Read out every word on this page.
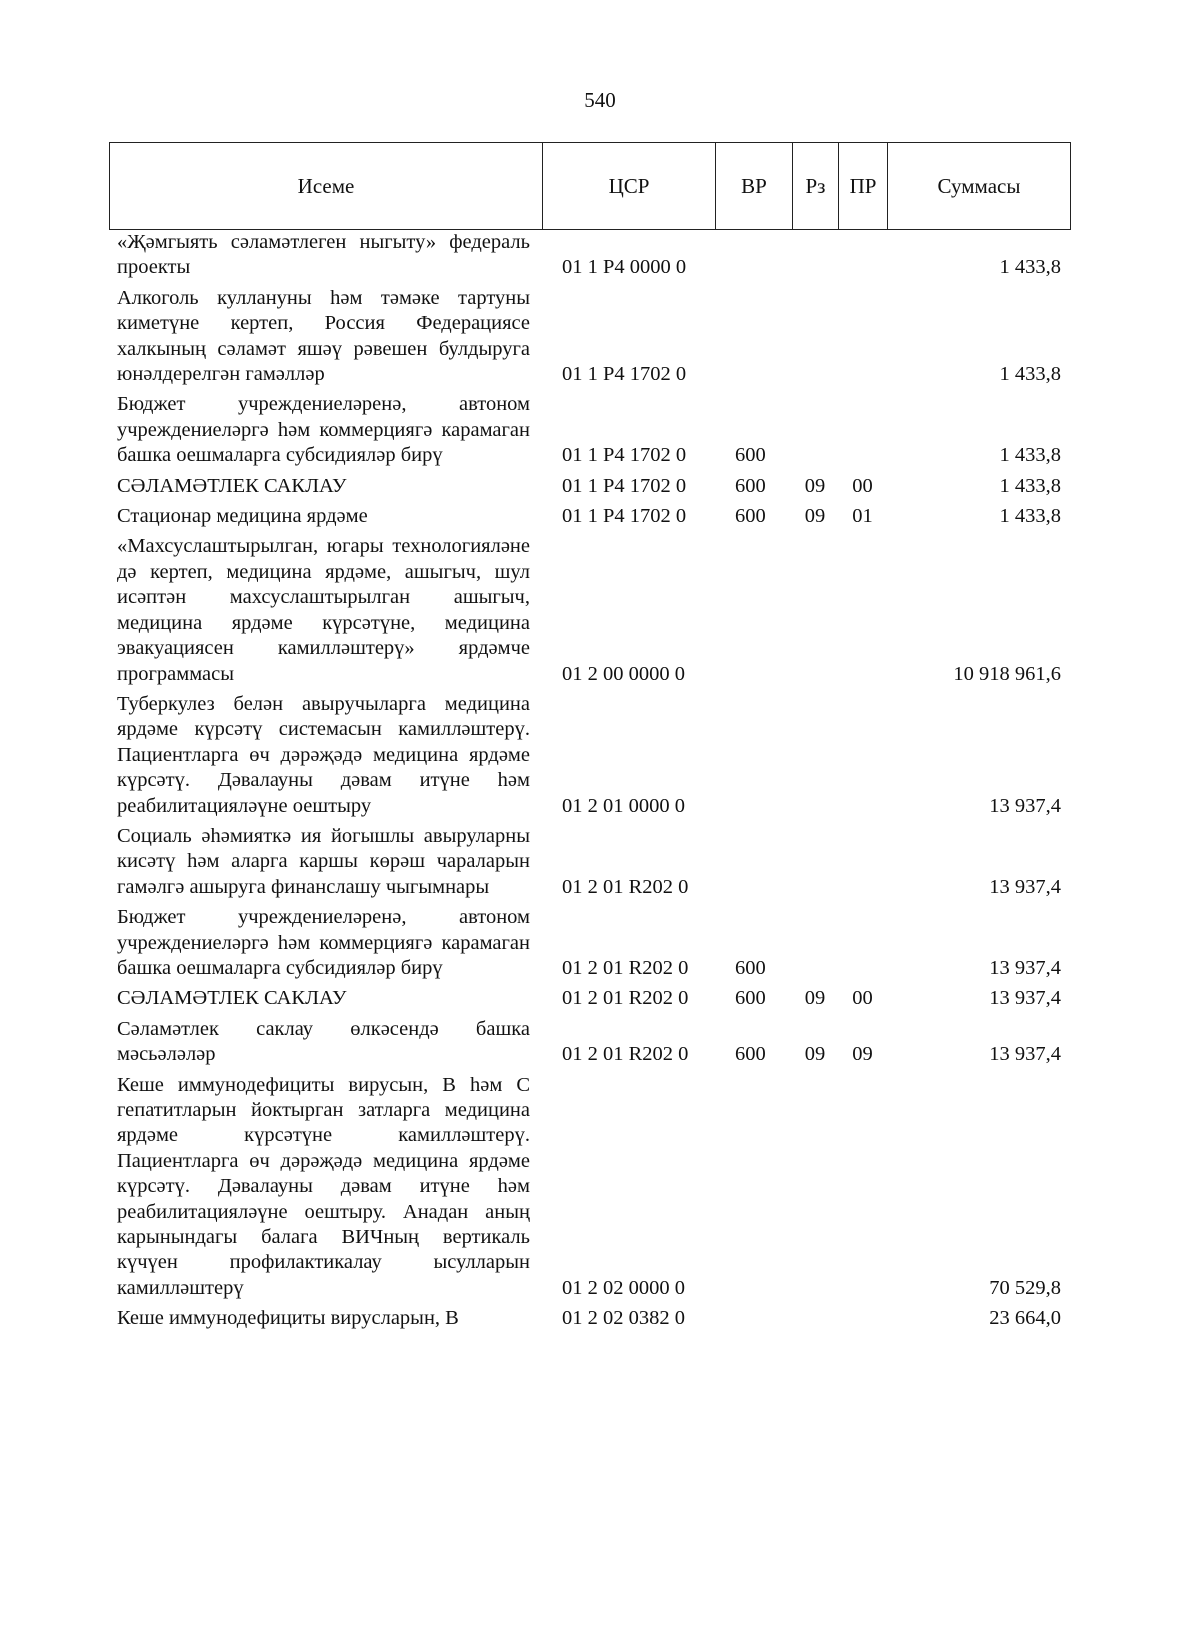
540
Исеме	ЦСР	ВР	Рз	ПР	Суммасы
«Җәмгыять сәламәтлеген ныгыту» федераль проекты	01 1 P4 0000 0				1 433,8
Алкоголь куллануны һәм тәмәке тартуны киметүне кертеп, Россия Федерациясе халкының сәламәт яшәү рәвешен булдыруга юнәлдерелгән гамәлләр	01 1 P4 1702 0				1 433,8
Бюджет учреждениеләренә, автоном учреждениеләргә һәм коммерциягә карамаган башка оешмаларга субсидияләр бирү	01 1 P4 1702 0	600			1 433,8
СӘЛАМӘТЛЕК САКЛАУ	01 1 P4 1702 0	600	09	00	1 433,8
Стационар медицина ярдәме	01 1 P4 1702 0	600	09	01	1 433,8
«Махсуслаштырылган, югары технологияләне дә кертеп, медицина ярдәме, ашыгыч, шул исәптән махсуслаштырылган ашыгыч, медицина ярдәме күрсәтүне, медицина эвакуациясен камилләштерү» ярдәмче программасы	01 2 00 0000 0				10 918 961,6
Туберкулез белән авыручыларга медицина ярдәме күрсәтү системасын камилләштерү. Пациентларга өч дәрәҗәдә медицина ярдәме күрсәтү. Дәвалауны дәвам итүне һәм реабилитацияләүне оештыру	01 2 01 0000 0				13 937,4
Социаль әһәмияткә ия йогышлы авыруларны кисәтү һәм аларга каршы көрәш чараларын гамәлгә ашыруга финанслашу чыгымнары	01 2 01 R202 0				13 937,4
Бюджет учреждениеләренә, автоном учреждениеләргә һәм коммерциягә карамаган башка оешмаларга субсидияләр бирү	01 2 01 R202 0	600			13 937,4
СӘЛАМӘТЛЕК САКЛАУ	01 2 01 R202 0	600	09	00	13 937,4
Сәламәтлек саклау өлкәсендә башка мәсьәләләр	01 2 01 R202 0	600	09	09	13 937,4
Кеше иммунодефициты вирусын, В һәм С гепатитларын йоктырган затларга медицина ярдәме күрсәтүне камилләштерү. Пациентларга өч дәрәҗәдә медицина ярдәме күрсәтү. Дәвалауны дәвам итүне һәм реабилитацияләүне оештыру. Анадан аның карынындагы балага ВИЧның вертикаль күчүен профилактикалау ысулларын камилләштерү	01 2 02 0000 0				70 529,8
Кеше иммунодефициты вирусларын, В	01 2 02 0382 0				23 664,0
